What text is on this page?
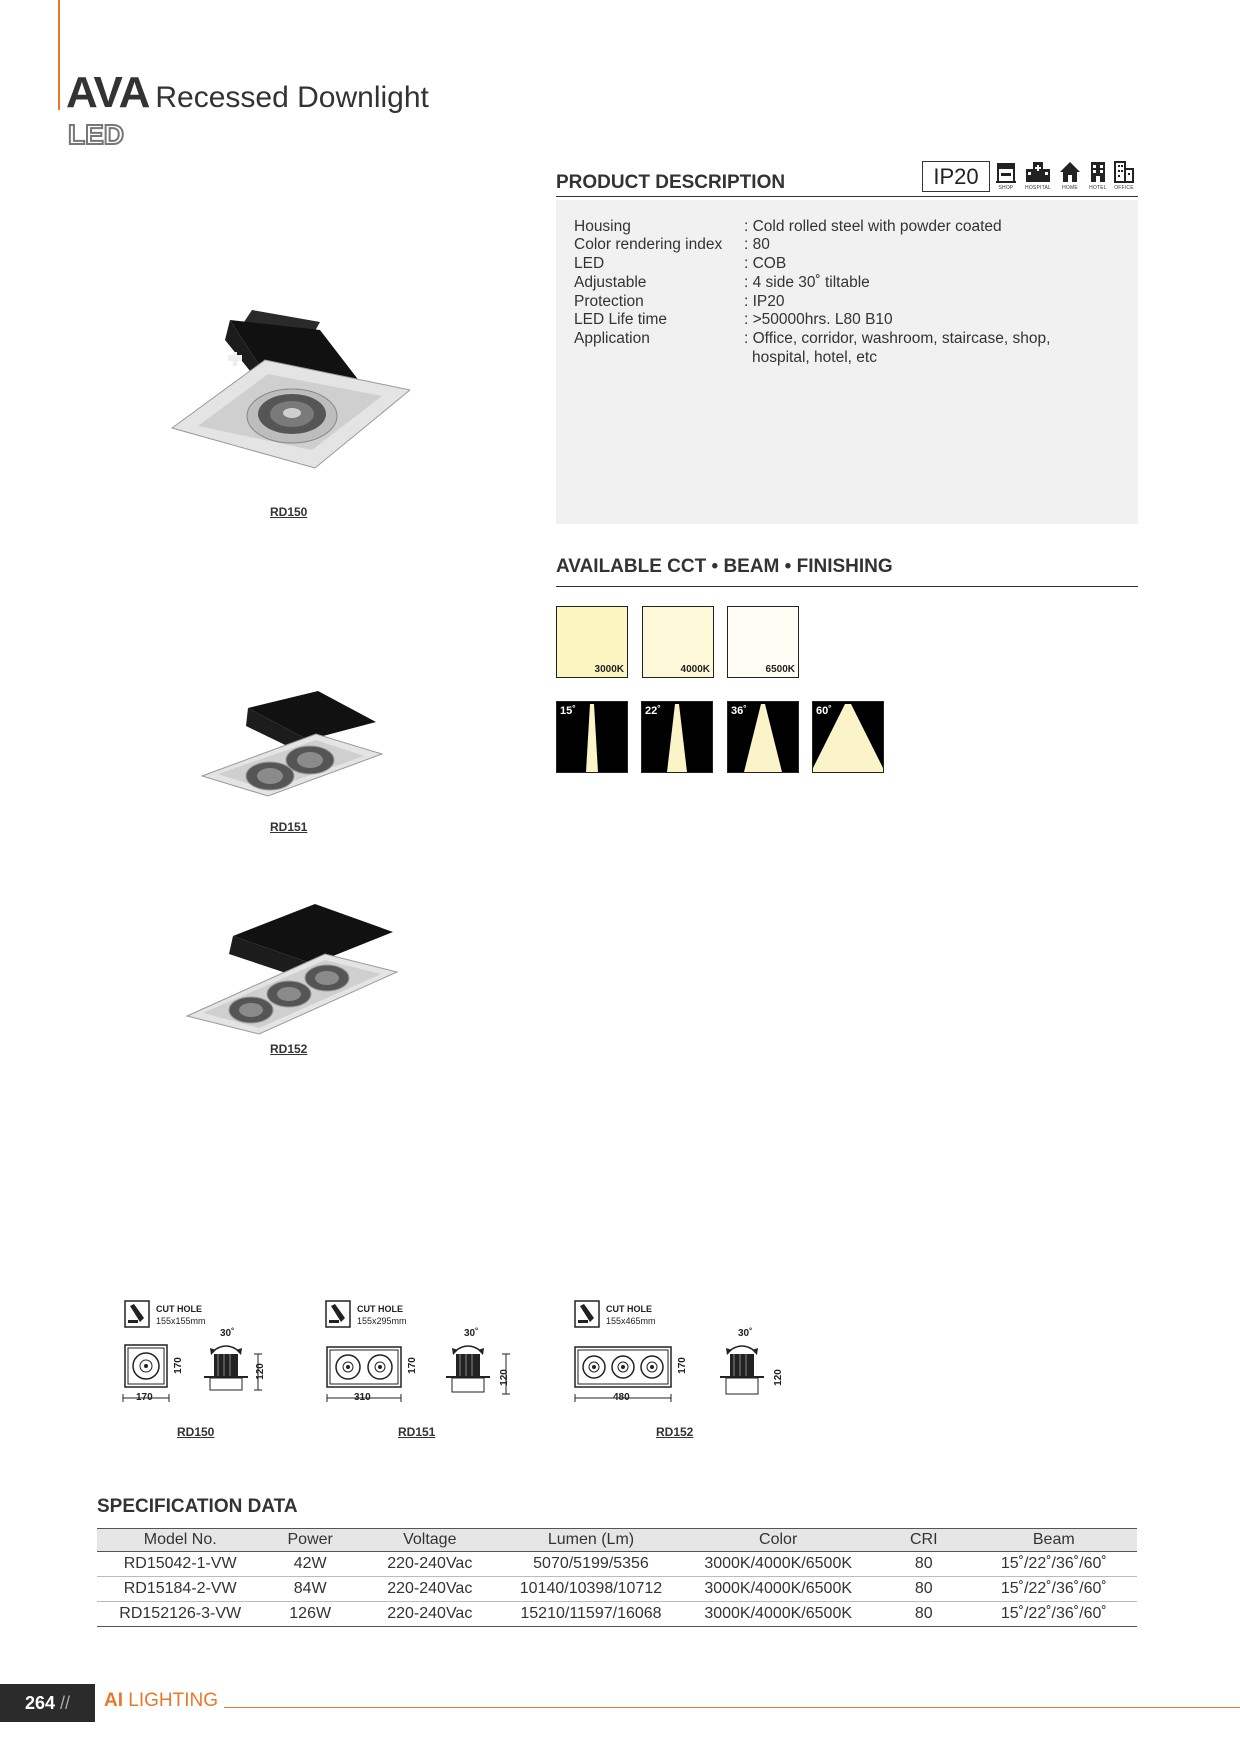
AVA Recessed Downlight
LED
PRODUCT DESCRIPTION	IP20	SHOP	HOSPITAL	HOME	HOTEL	OFFICE
Housing	: Cold rolled steel with powder coated
Color rendering index : 80
LED	: COB
Adjustable	: 4 side 30˚ tiltable
Protection	: IP20
LED Life time	: >50000hrs. L80 B10
Application	: Office, corridor, washroom, staircase, shop,
hospital, hotel, etc
AVAILABLE CCT • BEAM • FINISHING
3000K	4000K	6500K
15˚	22˚	36˚	60˚
RD150
RD151
RD152
CUT HOLE
155x155mm
170
170
30˚
120
RD150
CUT HOLE
155x295mm
310
170
30˚
120
RD151
CUT HOLE
155x465mm
480
170
30˚
120
RD152
SPECIFICATION DATA
Model No.	Power	Voltage	Lumen (Lm)	Color	CRI	Beam
RD15042-1-VW	42W	220-240Vac	5070/5199/5356	3000K/4000K/6500K	80	15˚/22˚/36˚/60˚
RD15184-2-VW	84W	220-240Vac	10140/10398/10712	3000K/4000K/6500K	80	15˚/22˚/36˚/60˚
RD152126-3-VW	126W	220-240Vac	15210/11597/16068	3000K/4000K/6500K	80	15˚/22˚/36˚/60˚
264 //	AI LIGHTING
